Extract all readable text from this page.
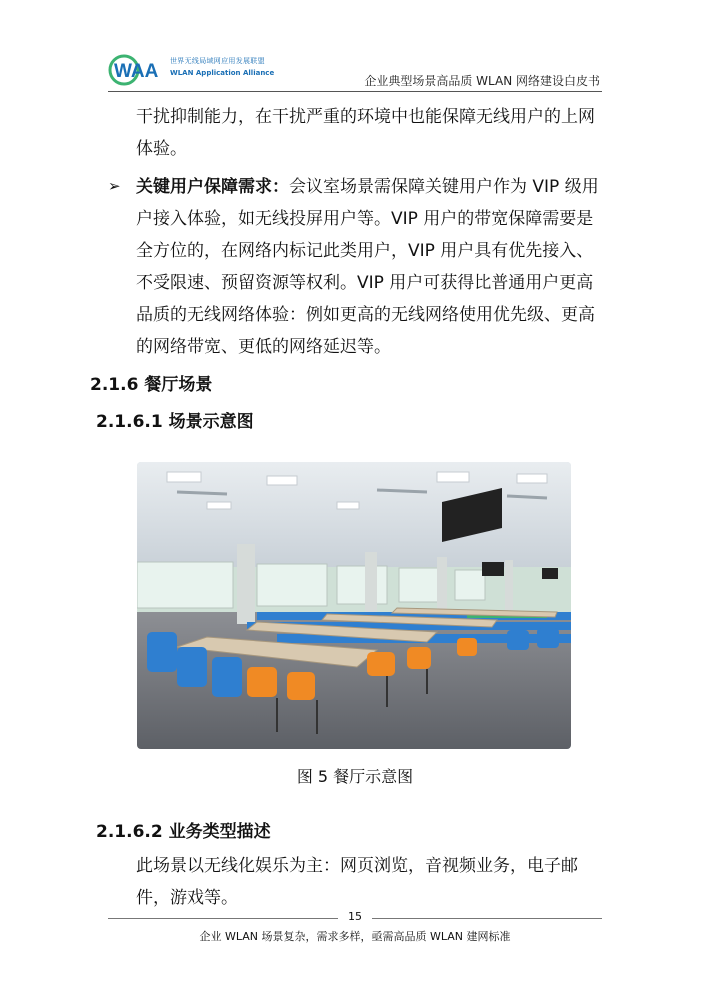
WAA 世界无线局域网应用发展联盟
WLAN Application Alliance
企业典型场景高品质 WLAN 网络建设白皮书
干扰抑制能力，在干扰严重的环境中也能保障无线用户的上网体验。
➢ 关键用户保障需求：会议室场景需保障关键用户作为 VIP 级用户接入体验，如无线投屏用户等。VIP 用户的带宽保障需要是全方位的，在网络内标记此类用户，VIP 用户具有优先接入、不受限速、预留资源等权利。VIP 用户可获得比普通用户更高品质的无线网络体验：例如更高的无线网络使用优先级、更高的网络带宽、更低的网络延迟等。
2.1.6 餐厅场景
2.1.6.1 场景示意图
图 5 餐厅示意图
2.1.6.2 业务类型描述
此场景以无线化娱乐为主：网页浏览，音视频业务，电子邮件，游戏等。
15
企业 WLAN 场景复杂，需求多样，亟需高品质 WLAN 建网标准
